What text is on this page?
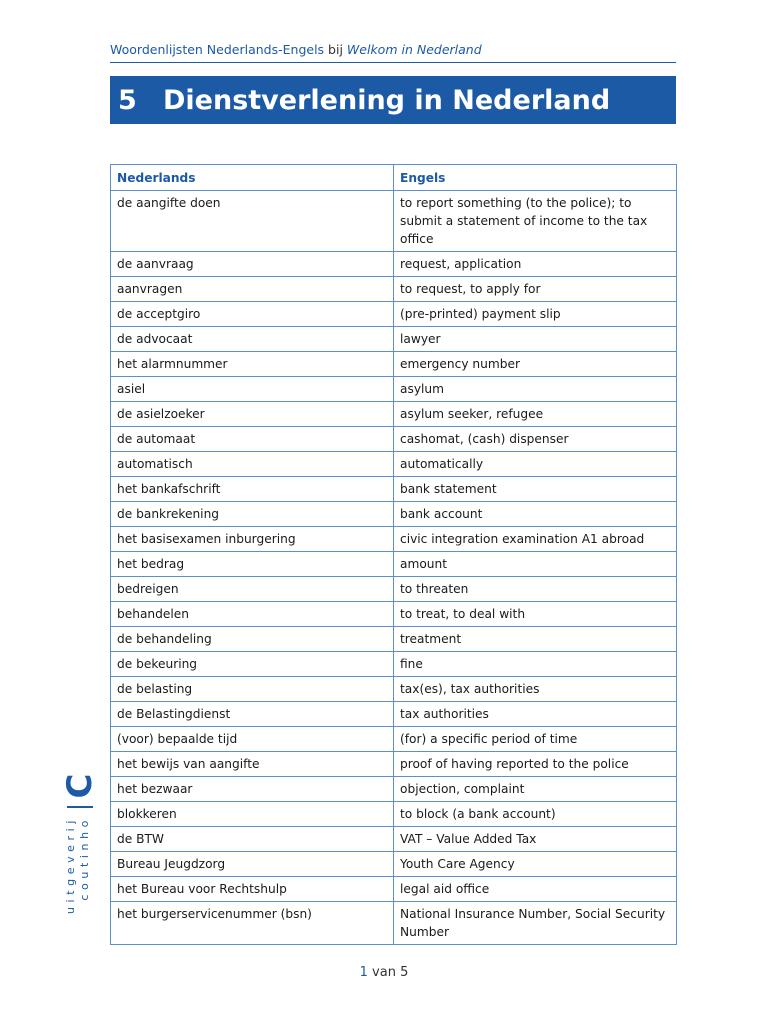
Woordenlijsten Nederlands-Engels bij Welkom in Nederland
5 Dienstverlening in Nederland
Nederlands	Engels
de aangifte doen	to report something (to the police); to submit a statement of income to the tax office
de aanvraag	request, application
aanvragen	to request, to apply for
de acceptgiro	(pre-printed) payment slip
de advocaat	lawyer
het alarmnummer	emergency number
asiel	asylum
de asielzoeker	asylum seeker, refugee
de automaat	cashomat, (cash) dispenser
automatisch	automatically
het bankafschrift	bank statement
de bankrekening	bank account
het basisexamen inburgering	civic integration examination A1 abroad
het bedrag	amount
bedreigen	to threaten
behandelen	to treat, to deal with
de behandeling	treatment
de bekeuring	fine
de belasting	tax(es), tax authorities
de Belastingdienst	tax authorities
(voor) bepaalde tijd	(for) a specific period of time
het bewijs van aangifte	proof of having reported to the police
het bezwaar	objection, complaint
blokkeren	to block (a bank account)
de BTW	VAT – Value Added Tax
Bureau Jeugdzorg	Youth Care Agency
het Bureau voor Rechtshulp	legal aid office
het burgerservicenummer (bsn)	National Insurance Number, Social Security Number
C
uitgeverij coutinho
1 van 5
